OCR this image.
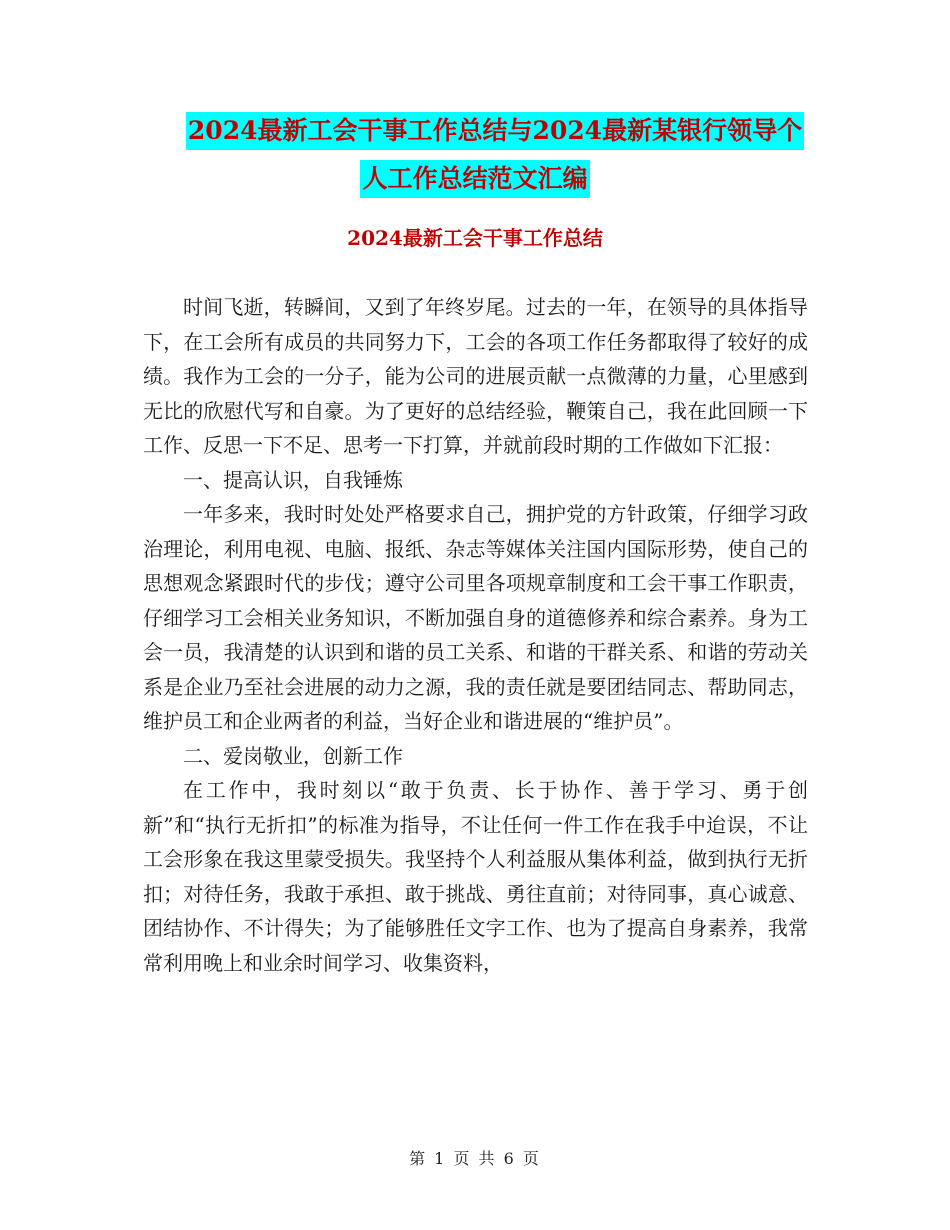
2024最新工会干事工作总结与2024最新某银行领导个
人工作总结范文汇编
2024最新工会干事工作总结

时间飞逝，转瞬间，又到了年终岁尾。过去的一年，在领导的具体指导下，在工会所有成员的共同努力下，工会的各项工作任务都取得了较好的成绩。我作为工会的一分子，能为公司的进展贡献一点微薄的力量，心里感到无比的欣慰代写和自豪。为了更好的总结经验，鞭策自己，我在此回顾一下工作、反思一下不足、思考一下打算，并就前段时期的工作做如下汇报：

一、提高认识，自我锤炼

一年多来，我时时处处严格要求自己，拥护党的方针政策，仔细学习政治理论，利用电视、电脑、报纸、杂志等媒体关注国内国际形势，使自己的思想观念紧跟时代的步伐；遵守公司里各项规章制度和工会干事工作职责，仔细学习工会相关业务知识，不断加强自身的道德修养和综合素养。身为工会一员，我清楚的认识到和谐的员工关系、和谐的干群关系、和谐的劳动关系是企业乃至社会进展的动力之源，我的责任就是要团结同志、帮助同志，维护员工和企业两者的利益，当好企业和谐进展的“维护员”。

二、爱岗敬业，创新工作

在工作中，我时刻以“敢于负责、长于协作、善于学习、勇于创新”和“执行无折扣”的标准为指导，不让任何一件工作在我手中迨误，不让工会形象在我这里蒙受损失。我坚持个人利益服从集体利益，做到执行无折扣；对待任务，我敢于承担、敢于挑战、勇往直前；对待同事，真心诚意、团结协作、不计得失；为了能够胜任文字工作、也为了提高自身素养，我常常利用晚上和业余时间学习、收集资料，

第 1 页 共 6 页
